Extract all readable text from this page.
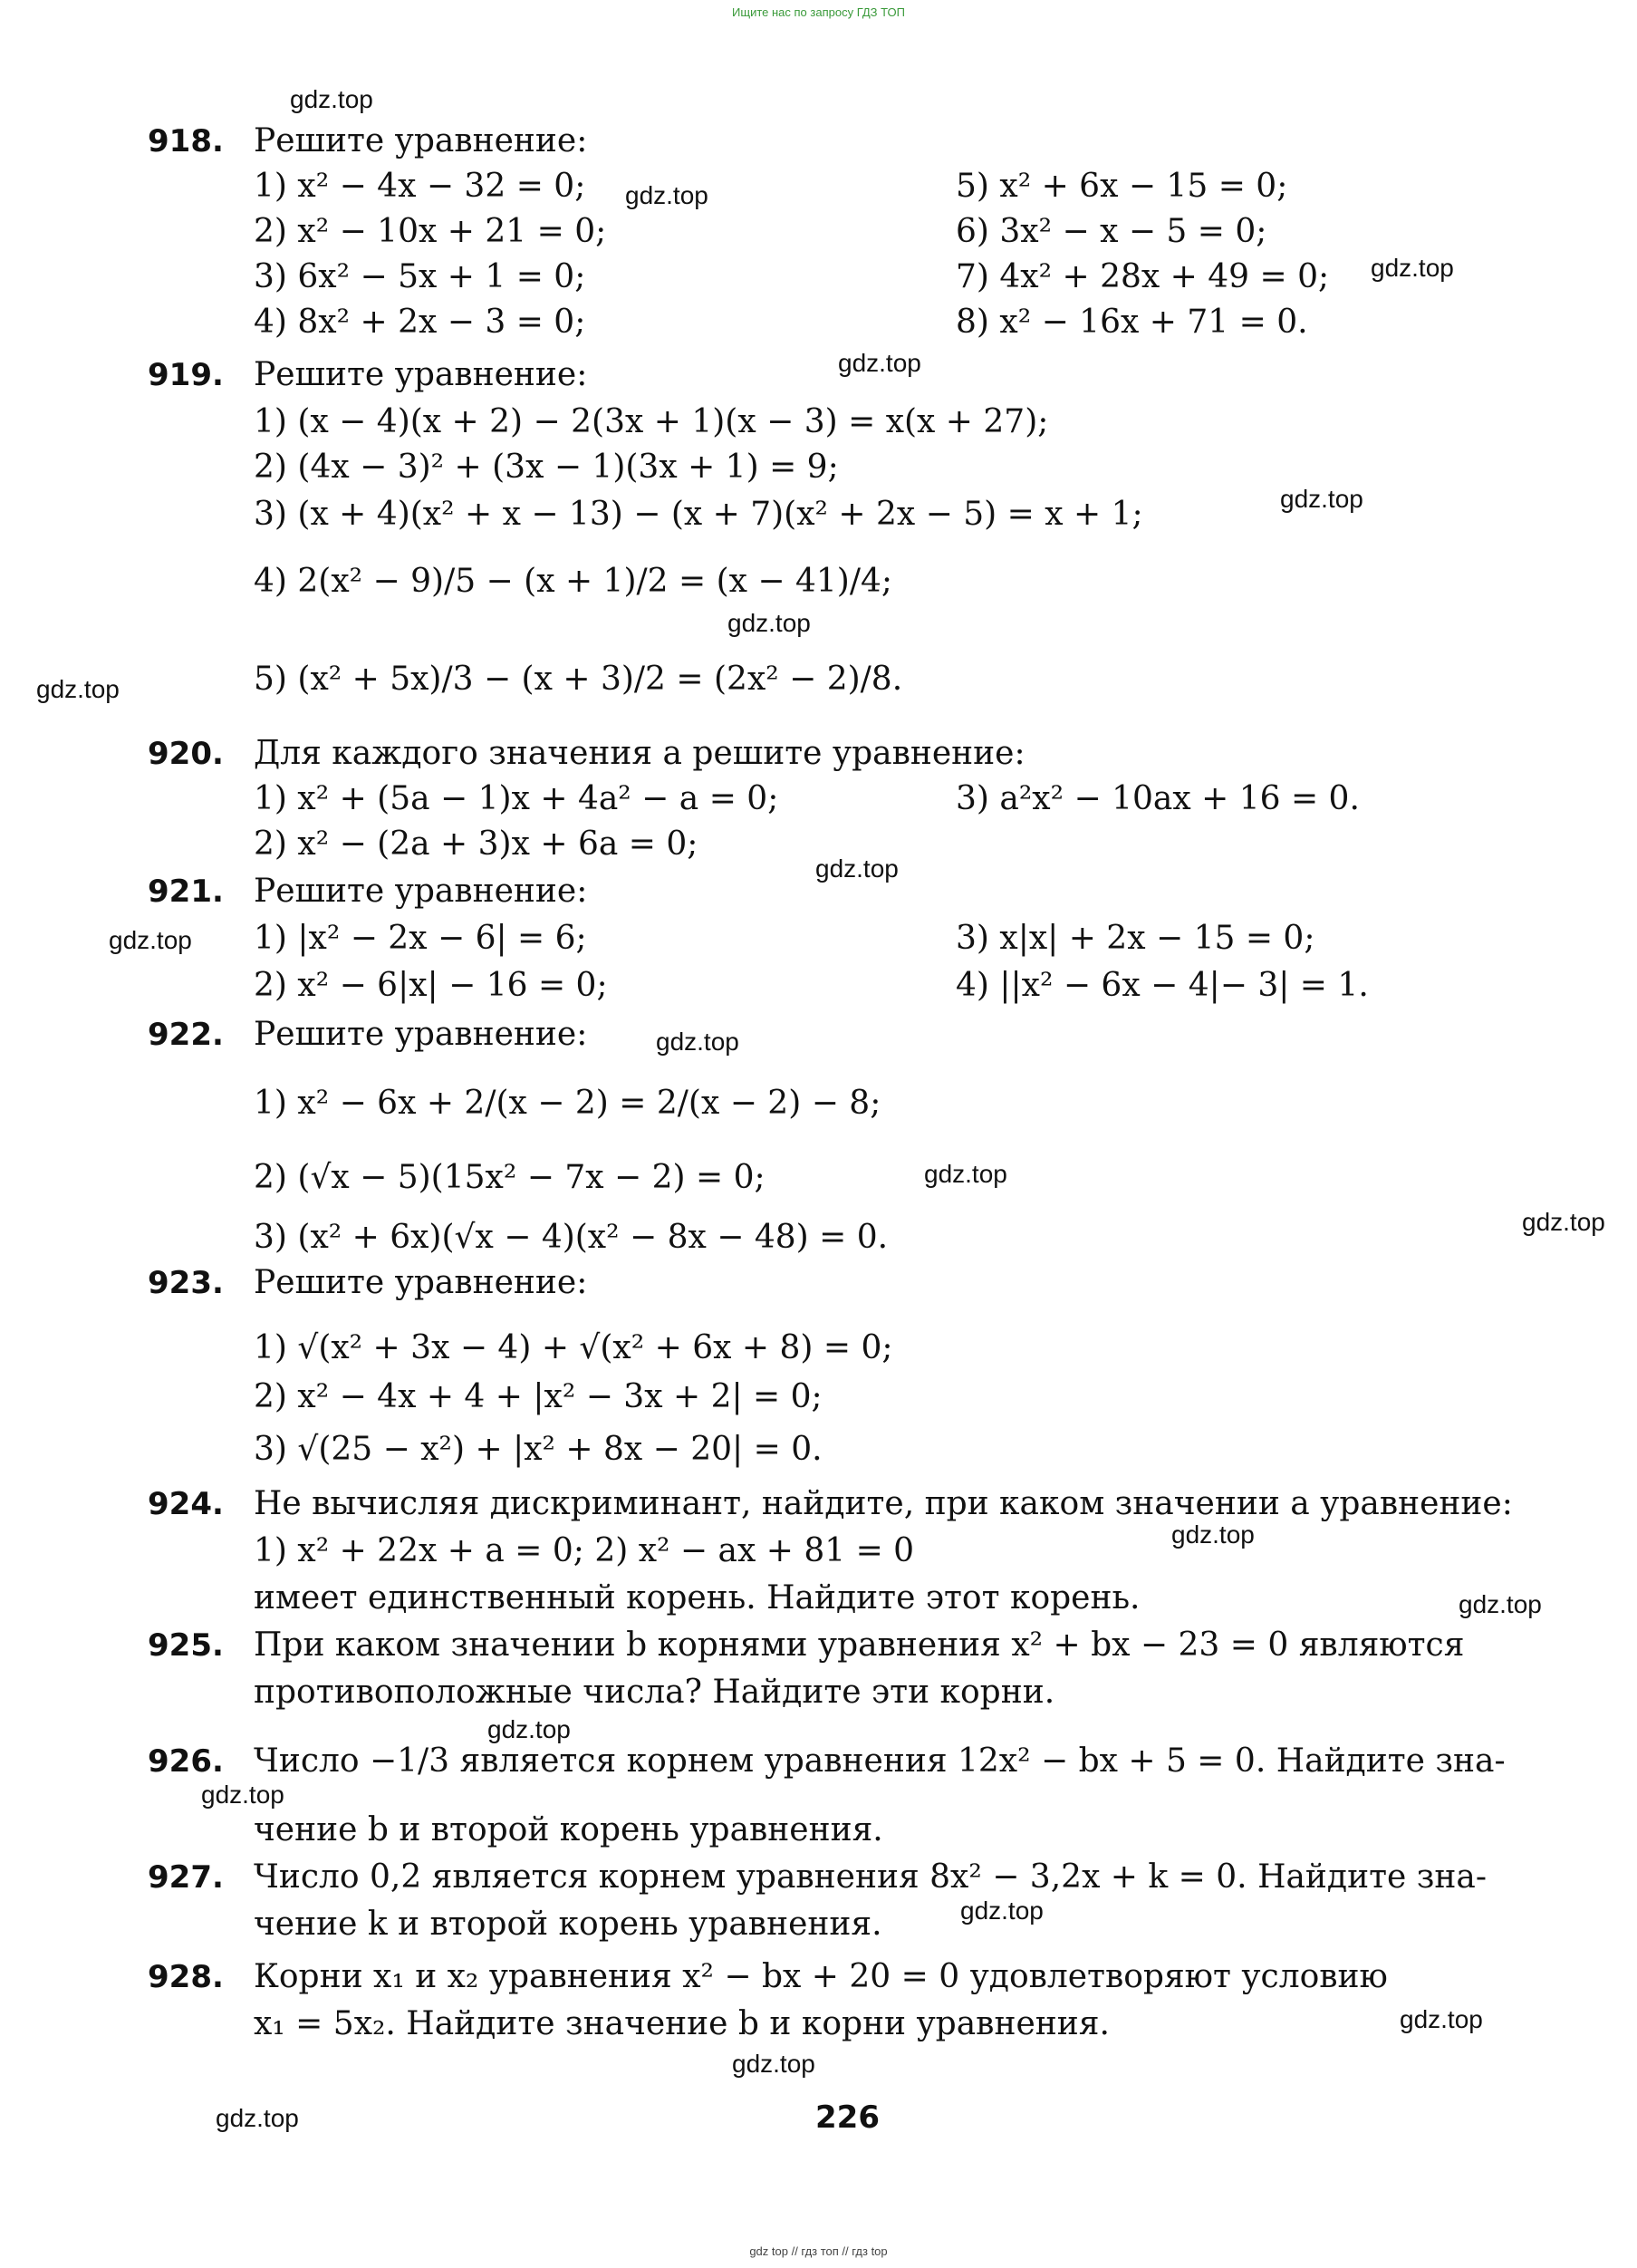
Ищите нас по запросу ГДЗ ТОП
gdz.top
gdz.top
gdz.top
gdz.top
gdz.top
gdz.top
gdz.top
gdz.top
gdz.top
gdz.top
gdz.top
gdz.top
gdz.top
gdz.top
gdz.top
gdz.top
gdz.top
gdz.top
gdz.top
gdz.top
918. Решите уравнение:
1) x² − 4x − 32 = 0;
2) x² − 10x + 21 = 0;
3) 6x² − 5x + 1 = 0;
4) 8x² + 2x − 3 = 0;
5) x² + 6x − 15 = 0;
6) 3x² − x − 5 = 0;
7) 4x² + 28x + 49 = 0;
8) x² − 16x + 71 = 0.
919. Решите уравнение:
1) (x − 4)(x + 2) − 2(3x + 1)(x − 3) = x(x + 27);
2) (4x − 3)² + (3x − 1)(3x + 1) = 9;
3) (x + 4)(x² + x − 13) − (x + 7)(x² + 2x − 5) = x + 1;
4) 2(x² − 9)/5 − (x + 1)/2 = (x − 41)/4;
5) (x² + 5x)/3 − (x + 3)/2 = (2x² − 2)/8.
920. Для каждого значения a решите уравнение:
1) x² + (5a − 1)x + 4a² − a = 0;
2) x² − (2a + 3)x + 6a = 0;
3) a²x² − 10ax + 16 = 0.
921. Решите уравнение:
1) |x² − 2x − 6| = 6;
2) x² − 6|x| − 16 = 0;
3) x|x| + 2x − 15 = 0;
4) ||x² − 6x − 4|− 3| = 1.
922. Решите уравнение:
1) x² − 6x + 2/(x − 2) = 2/(x − 2) − 8;
2) (√x − 5)(15x² − 7x − 2) = 0;
3) (x² + 6x)(√x − 4)(x² − 8x − 48) = 0.
923. Решите уравнение:
1) √(x² + 3x − 4) + √(x² + 6x + 8) = 0;
2) x² − 4x + 4 + |x² − 3x + 2| = 0;
3) √(25 − x²) + |x² + 8x − 20| = 0.
924. Не вычисляя дискриминант, найдите, при каком значении a уравнение:
1) x² + 22x + a = 0; 2) x² − ax + 81 = 0
имеет единственный корень. Найдите этот корень.
925. При каком значении b корнями уравнения x² + bx − 23 = 0 являются
противоположные числа? Найдите эти корни.
926. Число −1/3 является корнем уравнения 12x² − bx + 5 = 0. Найдите зна-
чение b и второй корень уравнения.
927. Число 0,2 является корнем уравнения 8x² − 3,2x + k = 0. Найдите зна-
чение k и второй корень уравнения.
928. Корни x₁ и x₂ уравнения x² − bx + 20 = 0 удовлетворяют условию
x₁ = 5x₂. Найдите значение b и корни уравнения.
226
gdz top // гдз топ // гдз top
